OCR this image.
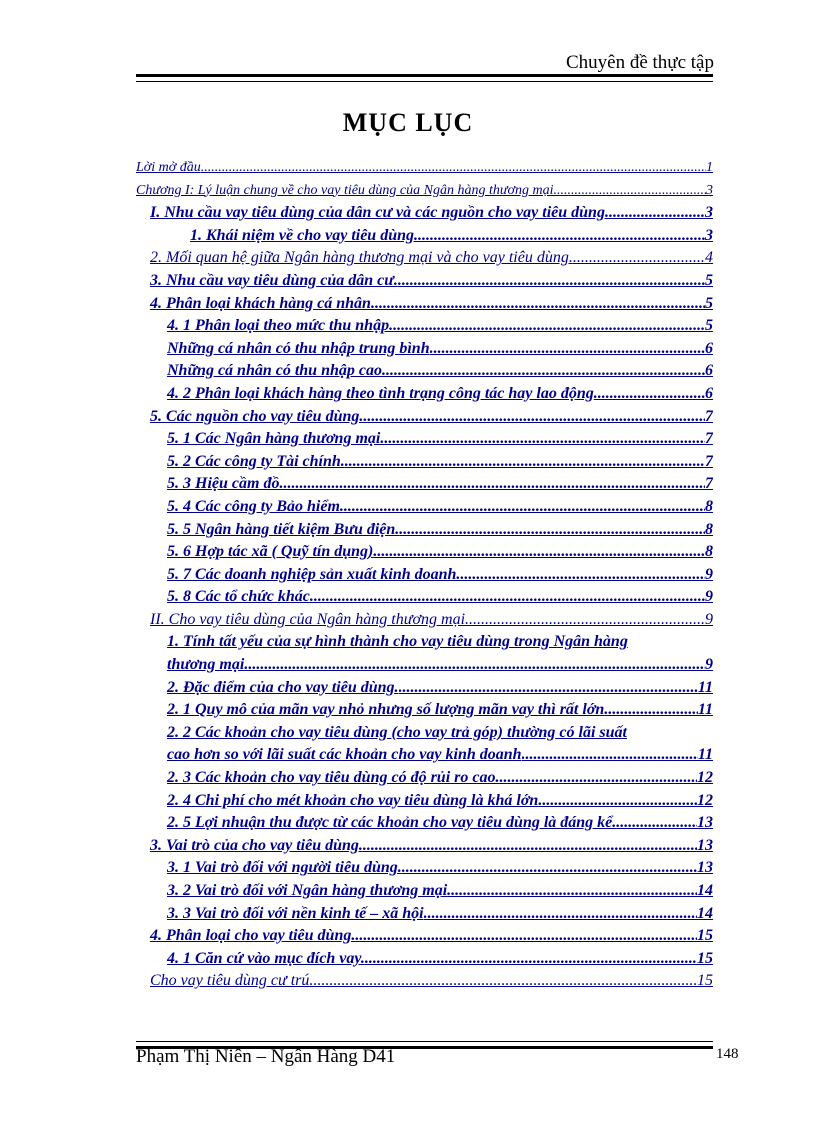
Chuyên đề thực tập
MỤC LỤC
Lời mở đầu .....	1
Chương I: Lý luận chung về cho vay tiêu dùng của Ngân hàng thương mại .....	3
I. Nhu cầu vay tiêu dùng của dân cư và các nguồn cho vay tiêu dùng. .....	3
1. Khái niệm về cho vay tiêu dùng. .....	3
2. Mối quan hệ giữa Ngân hàng thương mại và cho vay tiêu dùng. .....	4
3. Nhu cầu vay tiêu dùng của dân cư. .....	5
4. Phân loại khách hàng cá nhân. .....	5
4. 1 Phân loại theo mức thu nhập. .....	5
Những cá nhân có thu nhập trung bình .....	6
Những cá nhân có thu nhập cao .....	6
4. 2 Phân loại khách hàng theo tình trạng công tác hay lao động .....	6
5. Các nguồn cho vay tiêu dùng. .....	7
5. 1 Các Ngân hàng thương mại. .....	7
5. 2 Các công ty Tài chính. .....	7
5. 3 Hiệu cầm đồ. .....	7
5. 4 Các công ty Bảo hiểm. .....	8
5. 5 Ngân hàng tiết kiệm Bưu điện. .....	8
5. 6 Hợp tác xã ( Quỹ tín dụng) .....	8
5. 7 Các doanh nghiệp sản xuất kinh doanh. .....	9
5. 8 Các tổ chức khác .....	9
II. Cho vay tiêu dùng của Ngân hàng thương mại .....	9
1. Tính tất yếu của sự hình thành cho vay tiêu dùng trong Ngân hàng
thương mại .....	9
2. Đặc điểm của cho vay tiêu dùng. .....	11
2. 1 Quy mô của mãn vay nhỏ nhưng số lượng mãn vay thì rất lớn .....	11
2. 2 Các khoản cho vay tiêu dùng (cho vay trả góp) thường có lãi suất
cao hơn so với lãi suất các khoản cho vay kinh doanh .....	11
2. 3 Các khoản cho vay tiêu dùng có độ rủi ro cao. .....	12
2. 4 Chi phí cho mét khoản cho vay tiêu dùng là khá lớn .....	12
2. 5 Lợi nhuận thu được từ các khoản cho vay tiêu dùng là đáng kể. .....	13
3. Vai trò của cho vay tiêu dùng. .....	13
3. 1 Vai trò đối với người tiêu dùng. .....	13
3. 2 Vai trò đối với Ngân hàng thương mại .....	14
3. 3 Vai trò đối với nền kinh tế – xã hội .....	14
4. Phân loại cho vay tiêu dùng. .....	15
4. 1 Căn cứ vào mục đích vay. .....	15
Cho vay tiêu dùng cư trú .....	15
Phạm Thị Niên – Ngân Hàng D41	148
